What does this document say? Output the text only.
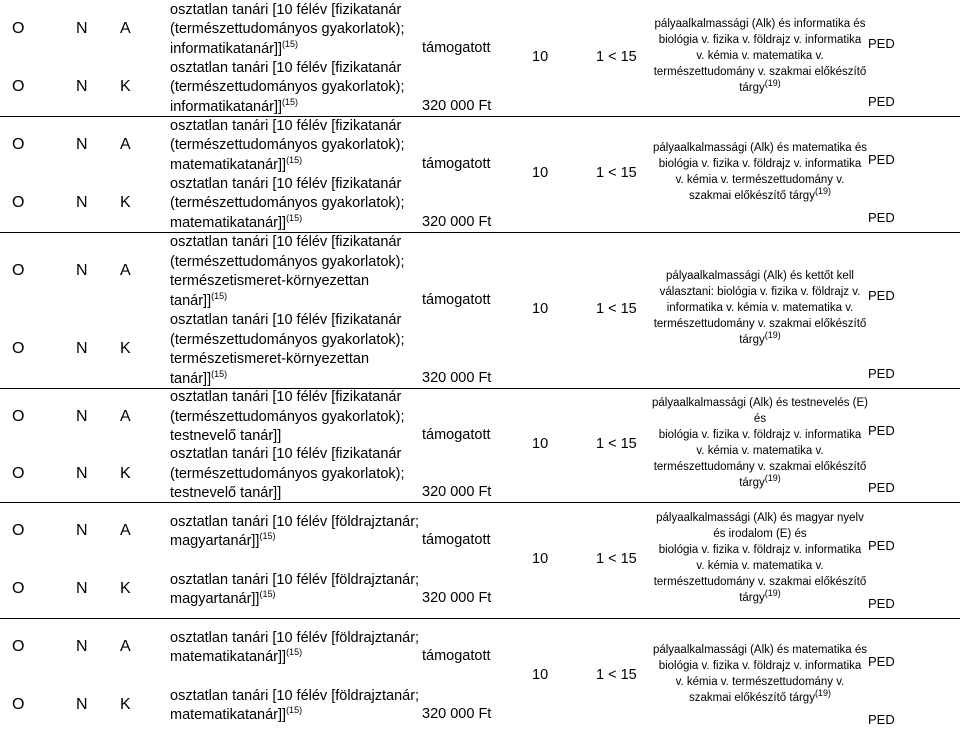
O	N A
osztatlan tanári [10 félév [fizikatanár
(természettudományos gyakorlatok);
informatikatanár]]$^{(15)}$	támogatott	PED
O	N K
osztatlan tanári [10 félév [fizikatanár
(természettudományos gyakorlatok);
informatikatanár]]$^{(15)}$	320 000 Ft	PED
10	1 < 15
pályaalkalmassági (Alk) és informatika és
biológia v. fizika v. földrajz v. informatika
v. kémia v. matematika v.
természettudomány v. szakmai előkészítő
tárgy$^{(19)}$
O	N A
osztatlan tanári [10 félév [fizikatanár
(természettudományos gyakorlatok);
matematikatanár]]$^{(15)}$	támogatott	PED
O	N K
osztatlan tanári [10 félév [fizikatanár
(természettudományos gyakorlatok);
matematikatanár]]$^{(15)}$	320 000 Ft	PED
10	1 < 15
pályaalkalmassági (Alk) és matematika és
biológia v. fizika v. földrajz v. informatika
v. kémia v. természettudomány v.
szakmai előkészítő tárgy$^{(19)}$
O	N A
osztatlan tanári [10 félév [fizikatanár
(természettudományos gyakorlatok);
természetismeret-környezettan
tanár]]$^{(15)}$	támogatott	PED
O	N K
osztatlan tanári [10 félév [fizikatanár
(természettudományos gyakorlatok);
természetismeret-környezettan
tanár]]$^{(15)}$	320 000 Ft	PED
10	1 < 15
pályaalkalmassági (Alk) és kettőt kell
választani: biológia v. fizika v. földrajz v.
informatika v. kémia v. matematika v.
természettudomány v. szakmai előkészítő
tárgy$^{(19)}$
O	N A
osztatlan tanári [10 félév [fizikatanár
(természettudományos gyakorlatok);
testnevelő tanár]]	támogatott	PED
O	N K
osztatlan tanári [10 félév [fizikatanár
(természettudományos gyakorlatok);
testnevelő tanár]]	320 000 Ft	PED
10	1 < 15
pályaalkalmassági (Alk) és testnevelés (E)
és
biológia v. fizika v. földrajz v. informatika
v. kémia v. matematika v.
természettudomány v. szakmai előkészítő
tárgy$^{(19)}$
O	N A
osztatlan tanári [10 félév [földrajztanár;
magyartanár]]$^{(15)}$	támogatott	PED
O	N K
osztatlan tanári [10 félév [földrajztanár;
magyartanár]]$^{(15)}$	320 000 Ft	PED
10	1 < 15
pályaalkalmassági (Alk) és magyar nyelv
és irodalom (E) és
biológia v. fizika v. földrajz v. informatika
v. kémia v. matematika v.
természettudomány v. szakmai előkészítő
tárgy$^{(19)}$
O	N A
osztatlan tanári [10 félév [földrajztanár;
matematikatanár]]$^{(15)}$	támogatott	PED
O	N K
osztatlan tanári [10 félév [földrajztanár;
matematikatanár]]$^{(15)}$	320 000 Ft	PED
10	1 < 15
pályaalkalmassági (Alk) és matematika és
biológia v. fizika v. földrajz v. informatika
v. kémia v. természettudomány v.
szakmai előkészítő tárgy$^{(19)}$
